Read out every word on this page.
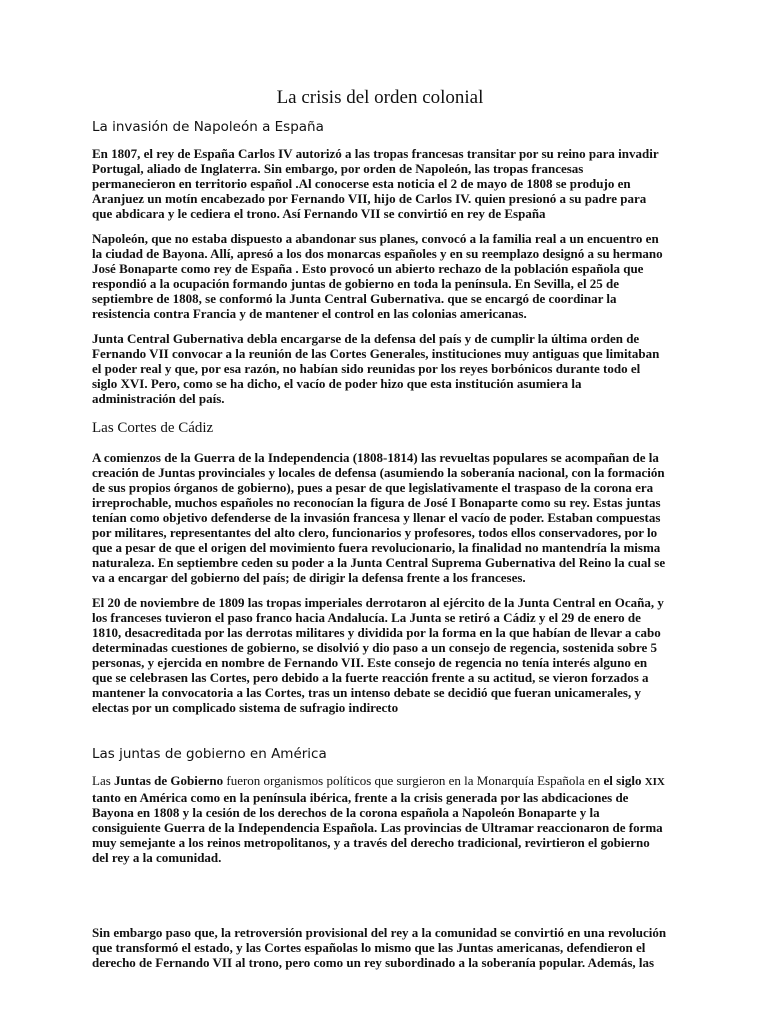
La crisis del orden colonial
La invasión de Napoleón a España

En 1807, el rey de España Carlos IV autorizó a las tropas francesas transitar por su reino para invadir Portugal, aliado de Inglaterra. Sin embargo, por orden de Napoleón, las tropas francesas permanecieron en territorio español .Al conocerse esta noticia el 2 de mayo de 1808 se produjo en Aranjuez un motín encabezado por Fernando VII, hijo de Carlos IV. quien presionó a su padre para que abdicara y le cediera el trono. Así Fernando VII se convirtió en rey de España

Napoleón, que no estaba dispuesto a abandonar sus planes, convocó a la familia real a un encuentro en la ciudad de Bayona. Allí, apresó a los dos monarcas españoles y en su reemplazo designó a su hermano José Bonaparte como rey de España . Esto provocó un abierto rechazo de la población española que respondió a la ocupación formando juntas de gobierno en toda la península. En Sevilla, el 25 de septiembre de 1808, se conformó la Junta Central Gubernativa. que se encargó de coordinar la resistencia contra Francia y de mantener el control en las colonias americanas.

Junta Central Gubernativa debla encargarse de la defensa del país y de cumplir la última orden de Fernando VII convocar a la reunión de las Cortes Generales, instituciones muy antiguas que limitaban el poder real y que, por esa razón, no habían sido reunidas por los reyes borbónicos durante todo el siglo XVI. Pero, como se ha dicho, el vacío de poder hizo que esta institución asumiera la administración del país.

Las Cortes de Cádiz

A comienzos de la Guerra de la Independencia (1808-1814) las revueltas populares se acompañan de la creación de Juntas provinciales y locales de defensa (asumiendo la soberanía nacional, con la formación de sus propios órganos de gobierno), pues a pesar de que legislativamente el traspaso de la corona era irreprochable, muchos españoles no reconocían la figura de José I Bonaparte como su rey. Estas juntas tenían como objetivo defenderse de la invasión francesa y llenar el vacío de poder. Estaban compuestas por militares, representantes del alto clero, funcionarios y profesores, todos ellos conservadores, por lo que a pesar de que el origen del movimiento fuera revolucionario, la finalidad no mantendría la misma naturaleza. En septiembre ceden su poder a la Junta Central Suprema Gubernativa del Reino la cual se va a encargar del gobierno del país; de dirigir la defensa frente a los franceses.

El 20 de noviembre de 1809 las tropas imperiales derrotaron al ejército de la Junta Central en Ocaña, y los franceses tuvieron el paso franco hacia Andalucía. La Junta se retiró a Cádiz y el 29 de enero de 1810, desacreditada por las derrotas militares y dividida por la forma en la que habían de llevar a cabo determinadas cuestiones de gobierno, se disolvió y dio paso a un consejo de regencia, sostenida sobre 5 personas, y ejercida en nombre de Fernando VII. Este consejo de regencia no tenía interés alguno en que se celebrasen las Cortes, pero debido a la fuerte reacción frente a su actitud, se vieron forzados a mantener la convocatoria a las Cortes, tras un intenso debate se decidió que fueran unicamerales, y electas por un complicado sistema de sufragio indirecto

Las juntas de gobierno en América

Las Juntas de Gobierno fueron organismos políticos que surgieron en la Monarquía Española en el siglo XIX tanto en América como en la península ibérica, frente a la crisis generada por las abdicaciones de Bayona en 1808 y la cesión de los derechos de la corona española a Napoleón Bonaparte y la consiguiente Guerra de la Independencia Española. Las provincias de Ultramar reaccionaron de forma muy semejante a los reinos metropolitanos, y a través del derecho tradicional, revirtieron el gobierno del rey a la comunidad.

Sin embargo paso que, la retroversión provisional del rey a la comunidad se convirtió en una revolución que transformó el estado, y las Cortes españolas lo mismo que las Juntas americanas, defendieron el derecho de Fernando VII al trono, pero como un rey subordinado a la soberanía popular. Además, las
